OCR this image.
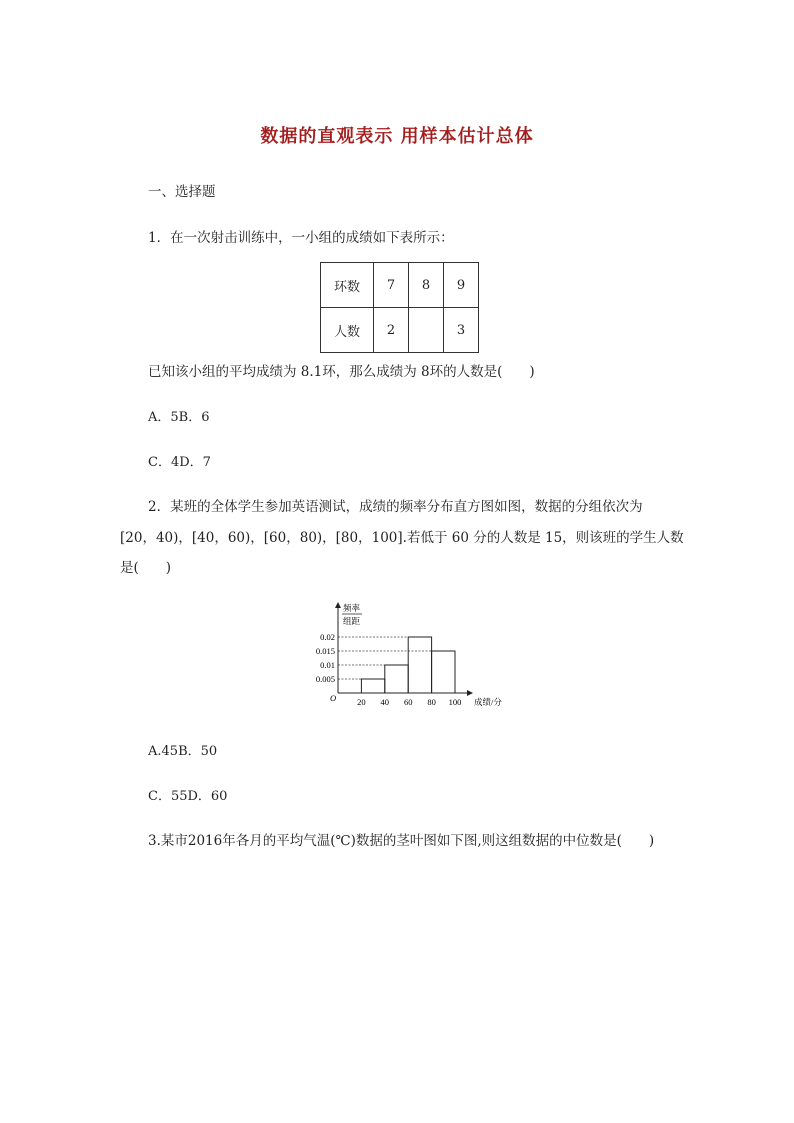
数据的直观表示 用样本估计总体
一、选择题
1．在一次射击训练中，一小组的成绩如下表所示：
环数	7	8	9
人数	2		3
已知该小组的平均成绩为 8.1环，那么成绩为 8环的人数是(　　)
A．5B．6
C．4D．7
2．某班的全体学生参加英语测试，成绩的频率分布直方图如图，数据的分组依次为
[20，40)，[40，60)，[60，80)，[80，100].若低于 60 分的人数是 15，则该班的学生人数
是(　　)
0.005
0.01
0.015
0.02
20 40 60 80 100
O
频率
组距
成绩/分
A.45B．50
C．55D．60
3.某市2016年各月的平均气温(℃)数据的茎叶图如下图,则这组数据的中位数是(　　)
